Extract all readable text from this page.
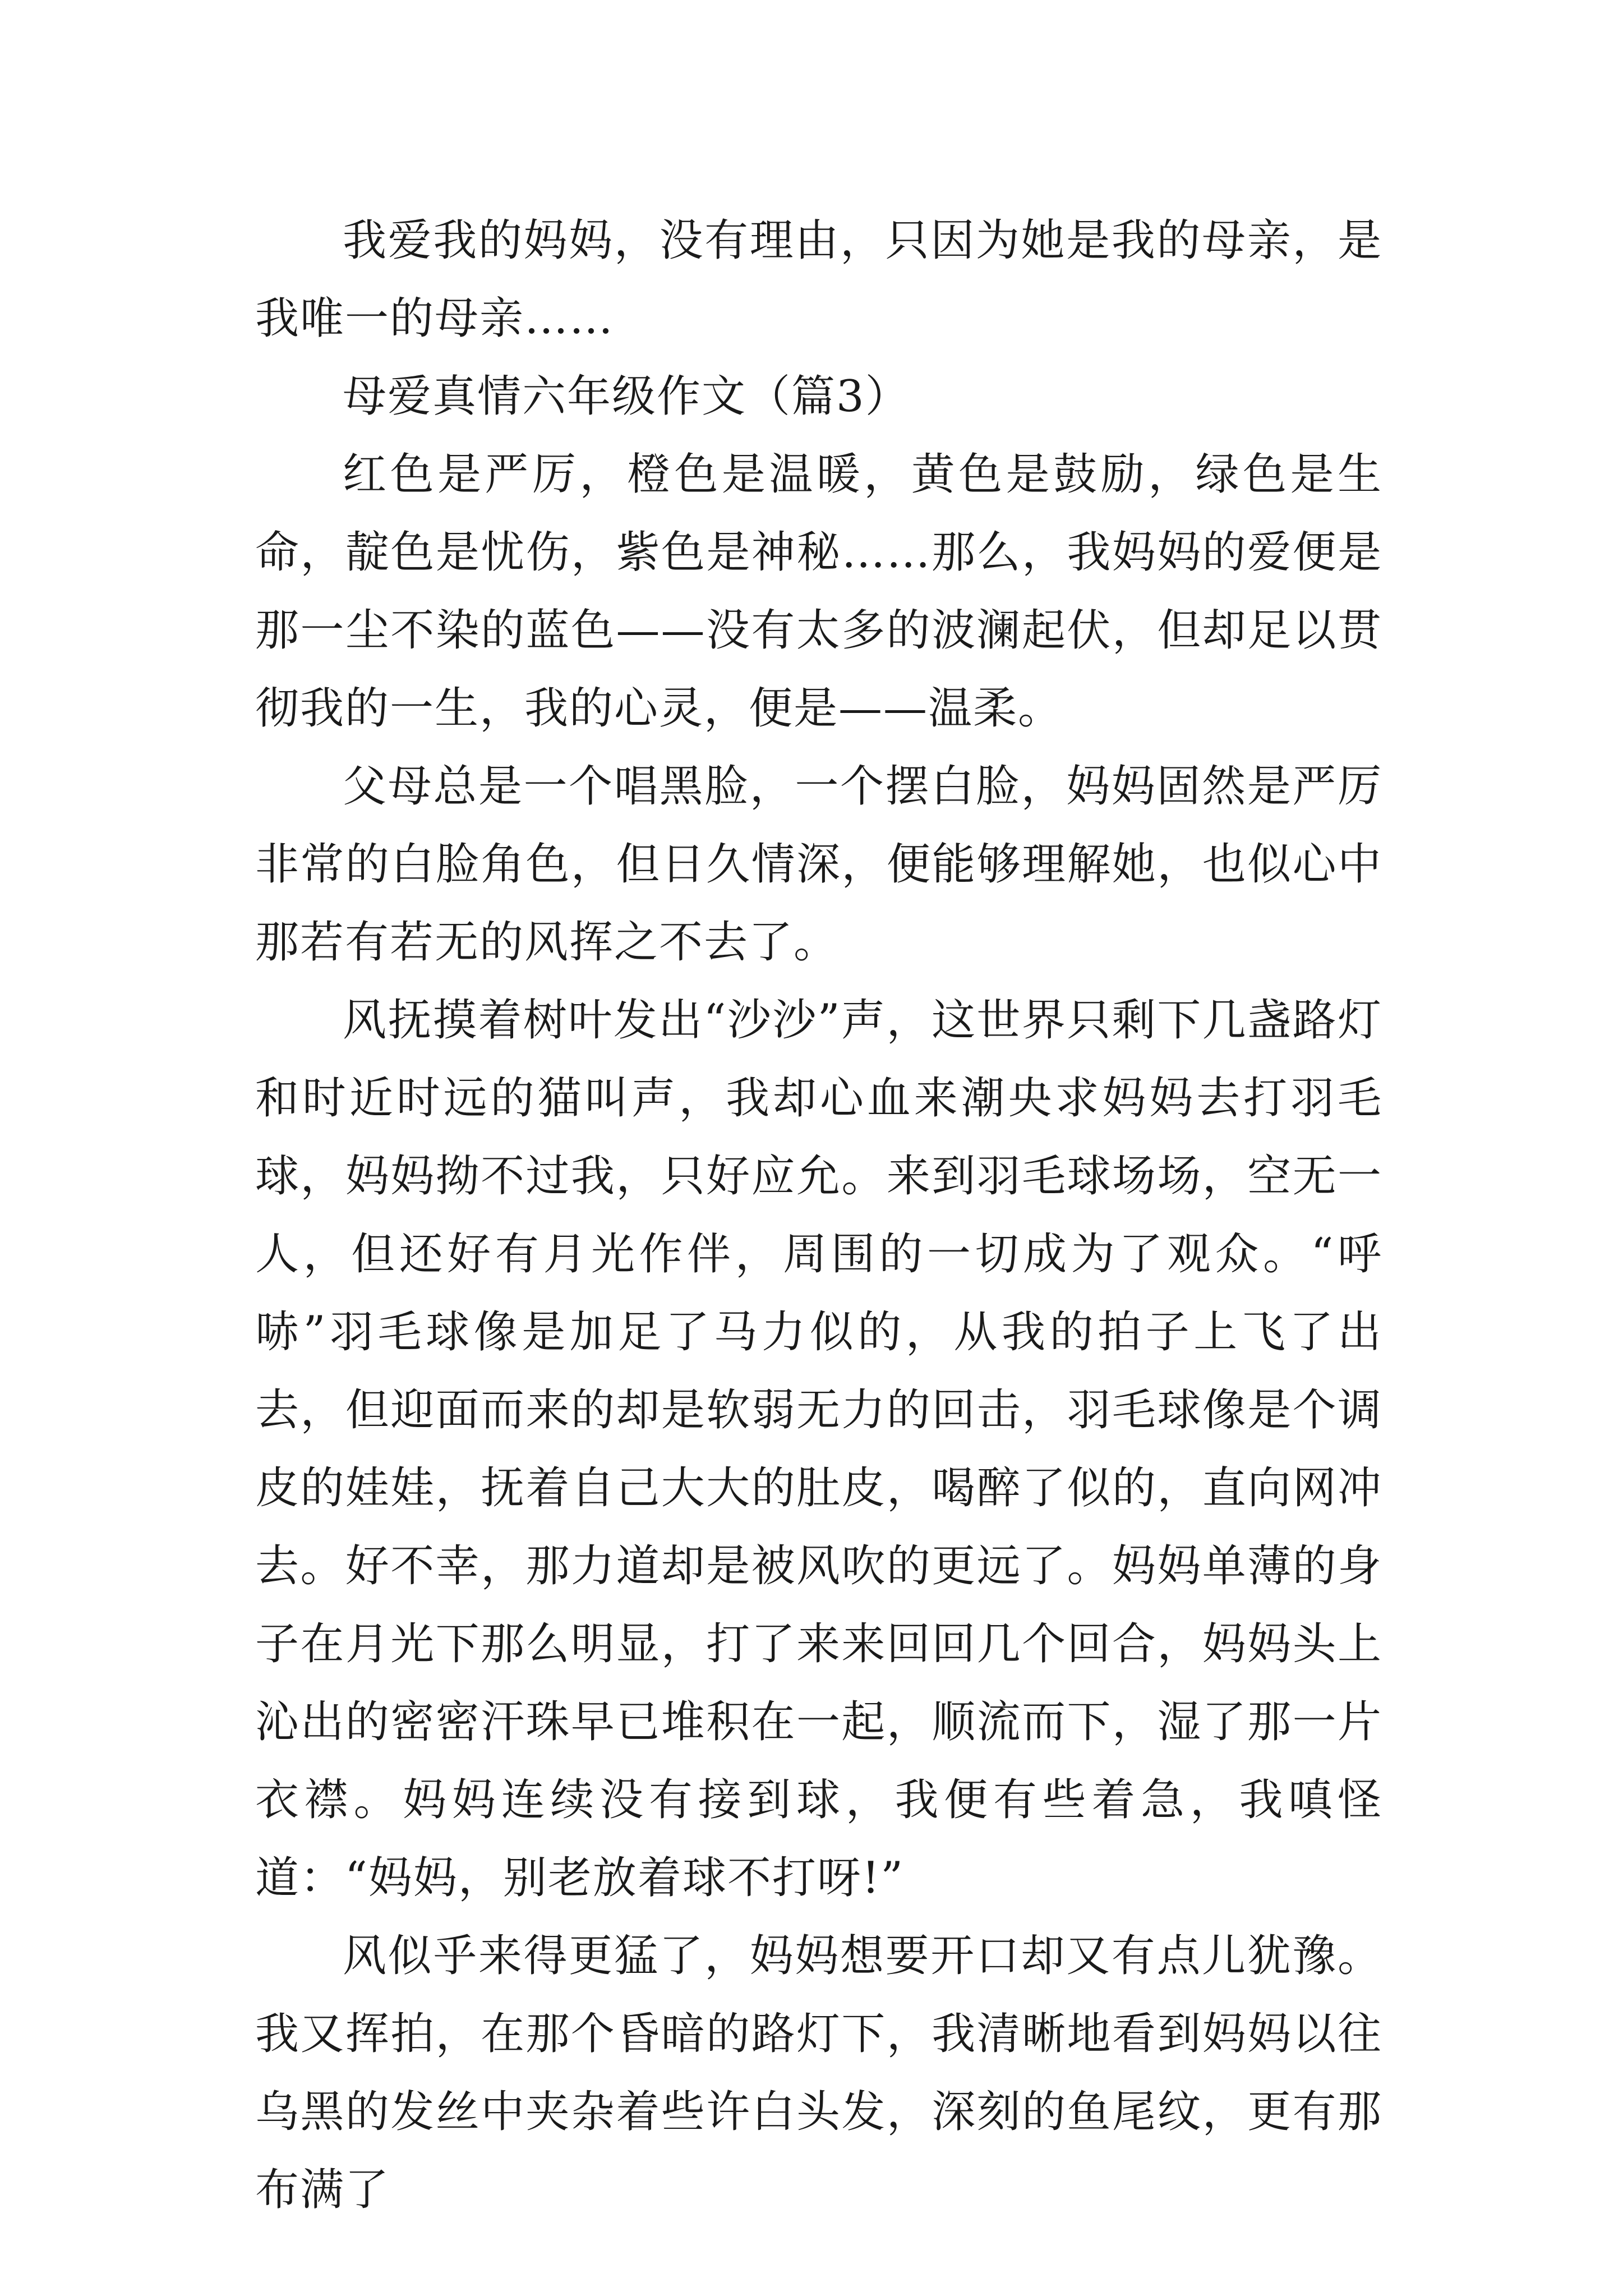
我爱我的妈妈，没有理由，只因为她是我的母亲，是我唯一的母亲……

母爱真情六年级作文（篇3）

红色是严厉，橙色是温暖，黄色是鼓励，绿色是生命，靛色是忧伤，紫色是神秘……那么，我妈妈的爱便是那一尘不染的蓝色——没有太多的波澜起伏，但却足以贯彻我的一生，我的心灵，便是——温柔。

父母总是一个唱黑脸，一个摆白脸，妈妈固然是严厉非常的白脸角色，但日久情深，便能够理解她，也似心中那若有若无的风挥之不去了。

风抚摸着树叶发出“沙沙”声，这世界只剩下几盏路灯和时近时远的猫叫声，我却心血来潮央求妈妈去打羽毛球，妈妈拗不过我，只好应允。来到羽毛球场场，空无一人，但还好有月光作伴，周围的一切成为了观众。“呼哧”羽毛球像是加足了马力似的，从我的拍子上飞了出去，但迎面而来的却是软弱无力的回击，羽毛球像是个调皮的娃娃，抚着自己大大的肚皮，喝醉了似的，直向网冲去。好不幸，那力道却是被风吹的更远了。妈妈单薄的身子在月光下那么明显，打了来来回回几个回合，妈妈头上沁出的密密汗珠早已堆积在一起，顺流而下，湿了那一片衣襟。妈妈连续没有接到球，我便有些着急，我嗔怪道：“妈妈，别老放着球不打呀!”

风似乎来得更猛了，妈妈想要开口却又有点儿犹豫。我又挥拍，在那个昏暗的路灯下，我清晰地看到妈妈以往乌黑的发丝中夹杂着些许白头发，深刻的鱼尾纹，更有那布满了
